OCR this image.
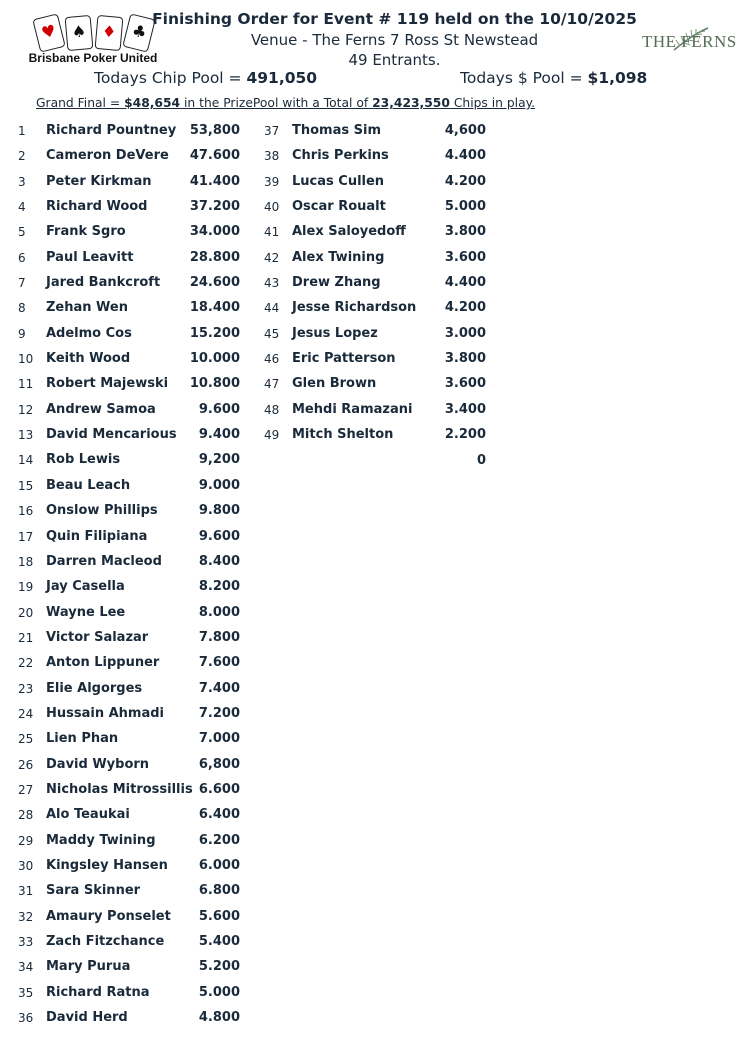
♥ ♠ ♦ ♣
Brisbane Poker United
THE FERNS
Finishing Order for Event # 119 held on the 10/10/2025
Venue - The Ferns 7 Ross St Newstead
49 Entrants.
Todays Chip Pool = 491,050	Todays $ Pool = $1,098
Grand Final = $48,654 in the PrizePool with a Total of 23,423,550 Chips in play.
1 Richard Pountney	53,800
2 Cameron DeVere	47.600
3 Peter Kirkman	41.400
4 Richard Wood	37.200
5 Frank Sgro	34.000
6 Paul Leavitt	28.800
7 Jared Bankcroft	24.600
8 Zehan Wen	18.400
9 Adelmo Cos	15.200
10 Keith Wood	10.000
11 Robert Majewski	10.800
12 Andrew Samoa	9.600
13 David Mencarious	9.400
14 Rob Lewis	9,200
15 Beau Leach	9.000
16 Onslow Phillips	9.800
17 Quin Filipiana	9.600
18 Darren Macleod	8.400
19 Jay Casella	8.200
20 Wayne Lee	8.000
21 Victor Salazar	7.800
22 Anton Lippuner	7.600
23 Elie Algorges	7.400
24 Hussain Ahmadi	7.200
25 Lien Phan	7.000
26 David Wyborn	6,800
27 Nicholas Mitrossillis 6.600
28 Alo Teaukai	6.400
29 Maddy Twining	6.200
30 Kingsley Hansen	6.000
31 Sara Skinner	6.800
32 Amaury Ponselet	5.600
33 Zach Fitzchance	5.400
34 Mary Purua	5.200
35 Richard Ratna	5.000
36 David Herd	4.800
37 Thomas Sim	4,600
38 Chris Perkins	4.400
39 Lucas Cullen	4.200
40 Oscar Roualt	5.000
41 Alex Saloyedoff	3.800
42 Alex Twining	3.600
43 Drew Zhang	4.400
44 Jesse Richardson	4.200
45 Jesus Lopez	3.000
46 Eric Patterson	3.800
47 Glen Brown	3.600
48 Mehdi Ramazani	3.400
49 Mitch Shelton	2.200
0
